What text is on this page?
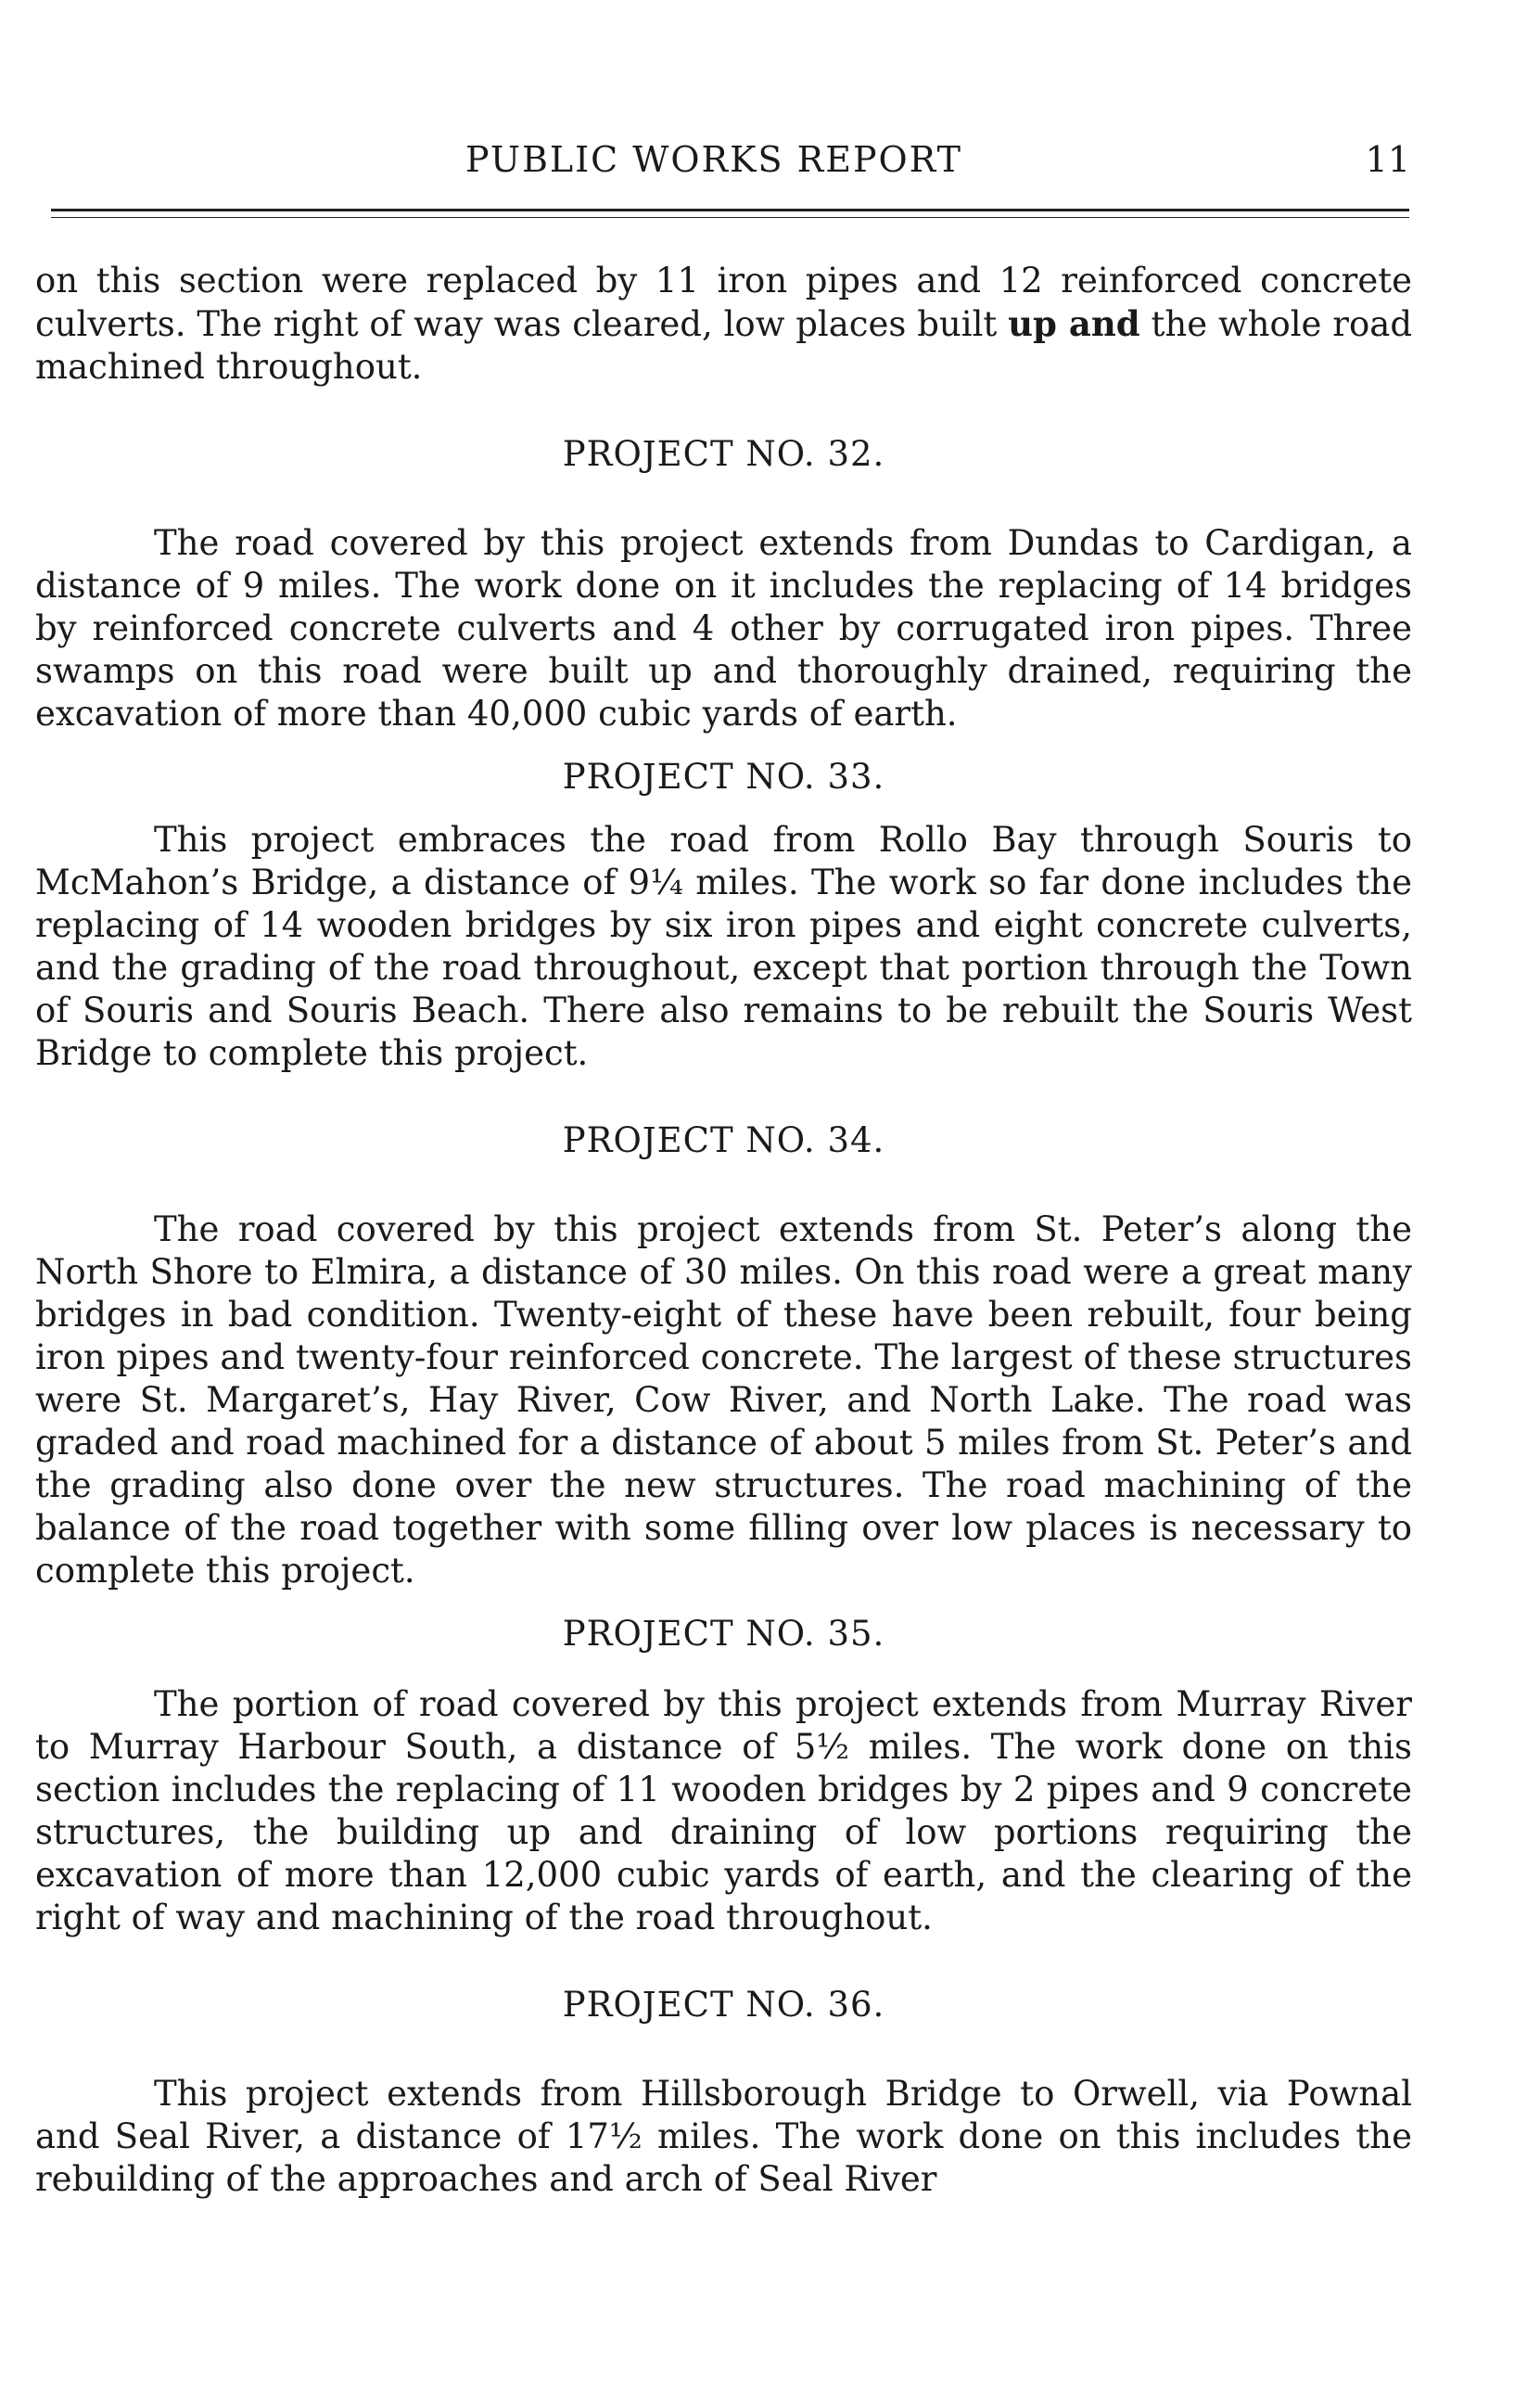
PUBLIC WORKS REPORT	11

on this section were replaced by 11 iron pipes and 12 reinforced concrete culverts. The right of way was cleared, low places built up and the whole road machined throughout.

PROJECT NO. 32.

The road covered by this project extends from Dundas to Cardigan, a distance of 9 miles. The work done on it includes the replacing of 14 bridges by reinforced concrete culverts and 4 other by corrugated iron pipes. Three swamps on this road were built up and thoroughly drained, requiring the excavation of more than 40,000 cubic yards of earth.

PROJECT NO. 33.

This project embraces the road from Rollo Bay through Souris to McMahon’s Bridge, a distance of 9¼ miles. The work so far done includes the replacing of 14 wooden bridges by six iron pipes and eight concrete culverts, and the grading of the road throughout, except that portion through the Town of Souris and Souris Beach. There also remains to be rebuilt the Souris West Bridge to complete this project.

PROJECT NO. 34.

The road covered by this project extends from St. Peter’s along the North Shore to Elmira, a distance of 30 miles. On this road were a great many bridges in bad condition. Twenty-eight of these have been rebuilt, four being iron pipes and twenty-four reinforced concrete. The largest of these structures were St. Margaret’s, Hay River, Cow River, and North Lake. The road was graded and road machined for a distance of about 5 miles from St. Peter’s and the grading also done over the new structures. The road machining of the balance of the road together with some filling over low places is necessary to complete this project.

PROJECT NO. 35.

The portion of road covered by this project extends from Murray River to Murray Harbour South, a distance of 5½ miles. The work done on this section includes the replacing of 11 wooden bridges by 2 pipes and 9 concrete structures, the building up and draining of low portions requiring the excavation of more than 12,000 cubic yards of earth, and the clearing of the right of way and machining of the road throughout.

PROJECT NO. 36.

This project extends from Hillsborough Bridge to Orwell, via Pownal and Seal River, a distance of 17½ miles. The work done on this includes the rebuilding of the approaches and arch of Seal River
